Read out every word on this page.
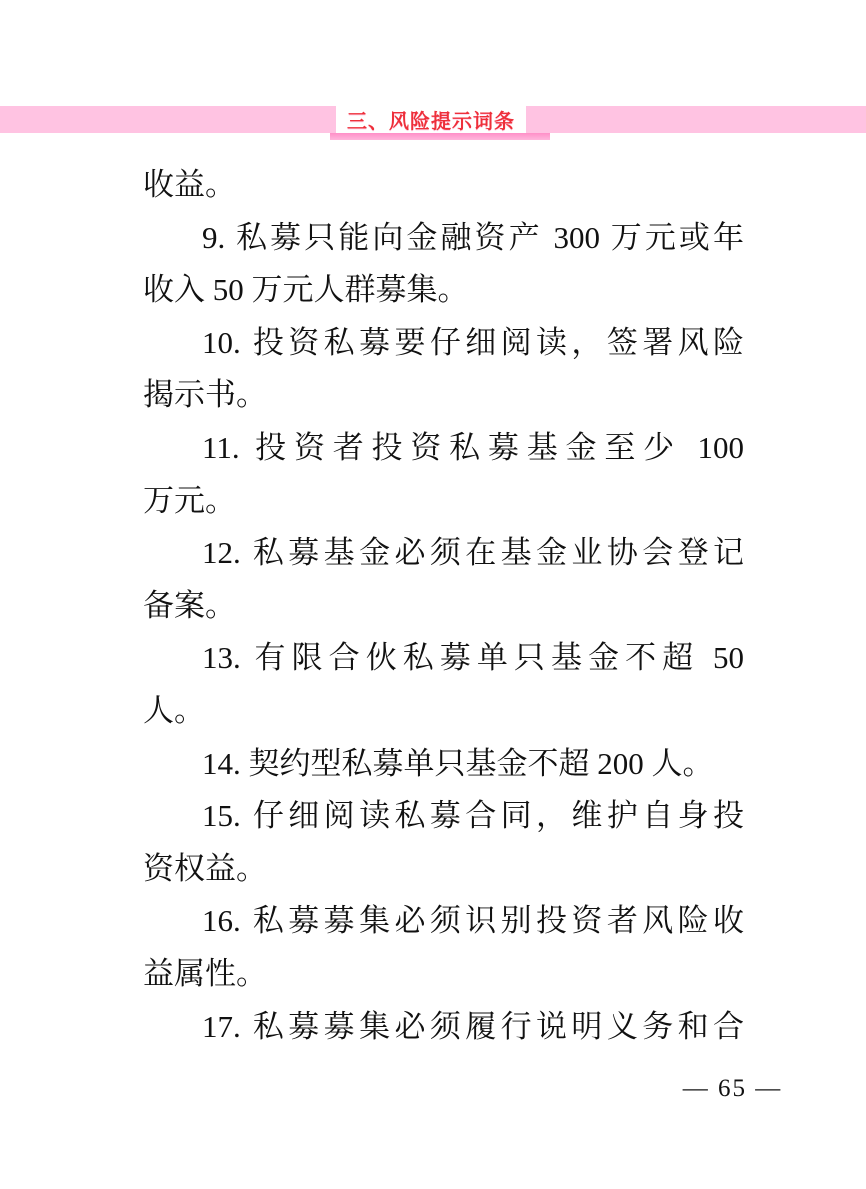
三、风险提示词条
收益。
9. 私募只能向金融资产 300 万元或年
收入 50 万元人群募集。
10. 投资私募要仔细阅读，签署风险
揭示书。
11. 投资者投资私募基金至少 100
万元。
12. 私募基金必须在基金业协会登记
备案。
13. 有限合伙私募单只基金不超 50
人。
14. 契约型私募单只基金不超 200 人。
15. 仔细阅读私募合同，维护自身投
资权益。
16. 私募募集必须识别投资者风险收
益属性。
17. 私募募集必须履行说明义务和合
— 65 —
